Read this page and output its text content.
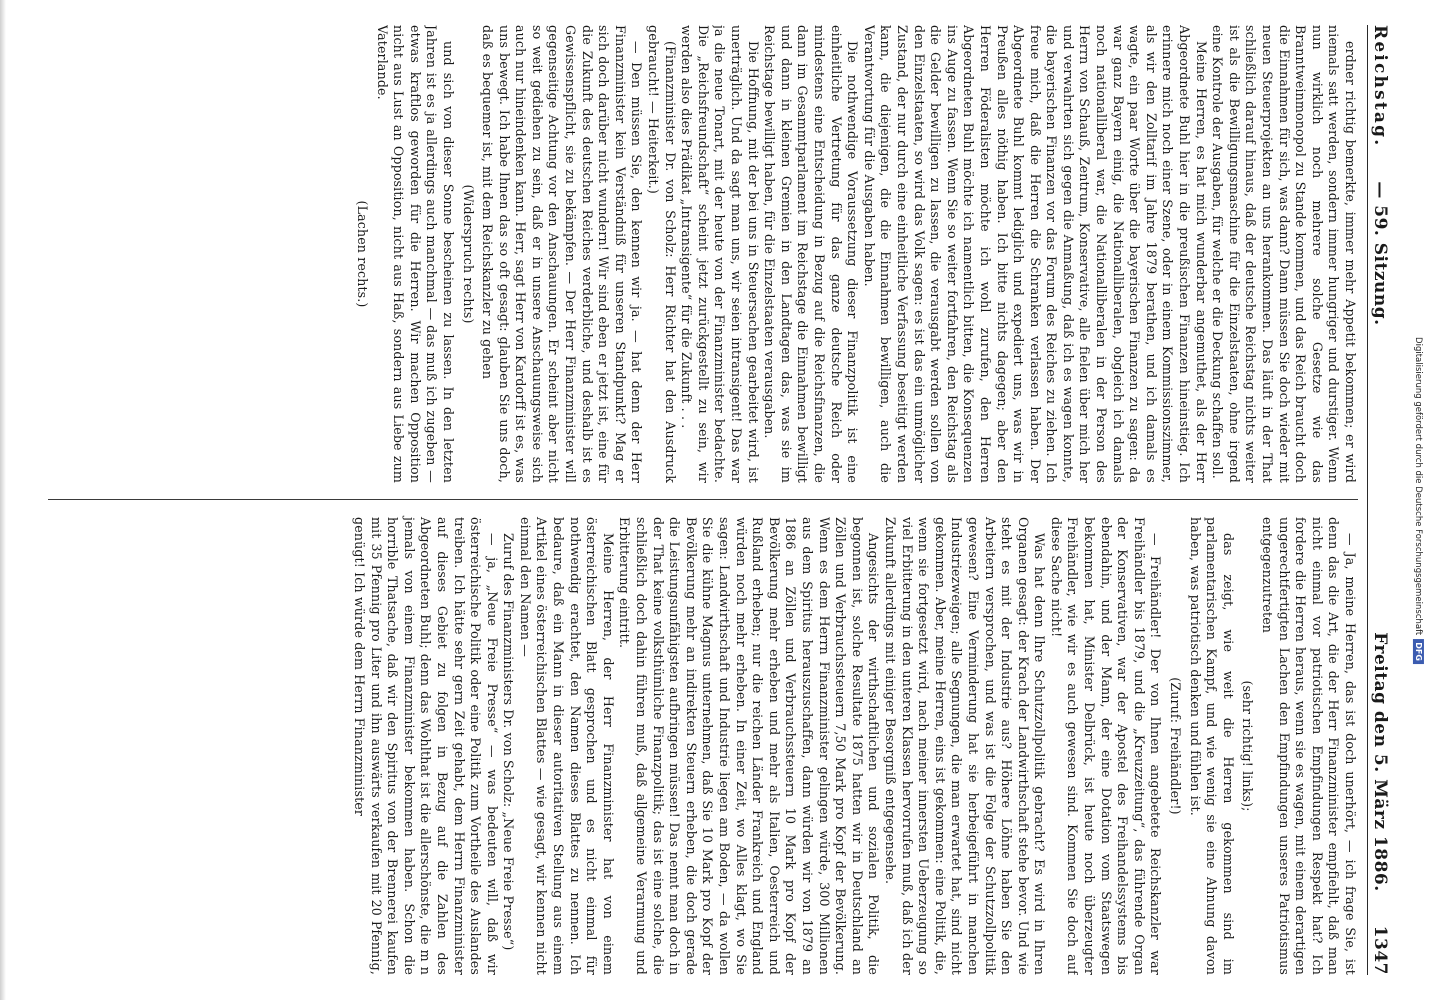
Reichstag.
— 59. Sitzung.
Freitag den 5. März 1886.
1347

erdner richtig bemerkte, immer mehr Appetit bekommen; er wird niemals satt werden, sondern immer hungriger und durstiger. Wenn nun wirklich noch mehrere solche Gesetze wie das Branntweinmonopol zu Stande kommen, und das Reich braucht doch die Einnahmen für sich, was dann? Dann müssen Sie doch wieder mit neuen Steuerprojekten an uns herankommen. Das läuft in der That schließlich darauf hinaus, daß der deutsche Reichstag nichts weiter ist als die Bewilligungsmaschine für die Einzelstaaten, ohne irgend eine Kontrole der Ausgaben, für welche er die Deckung schaffen soll.

Meine Herren, es hat mich wunderbar angemuthet, als der Herr Abgeordnete Buhl hier in die preußischen Finanzen hineinstieg. Ich erinnere mich noch einer Szene, oder in einem Kommissionszimmer, als wir den Zolltarif im Jahre 1879 berathen, und ich damals es wagte, ein paar Worte über die bayerischen Finanzen zu sagen: da war ganz Bayern einig, die Nationalliberalen, obgleich ich damals noch nationalliberal war, die Nationalliberalen in der Person des Herrn von Schauß, Zentrum, Konservative, alle fielen über mich her und verwahrten sich gegen die Anmaßung, daß ich es wagen konnte, die bayerischen Finanzen vor das Forum des Reiches zu ziehen. Ich freue mich, daß die Herren die Schranken verlassen haben. Der Abgeordnete Buhl kommt lediglich und expediert uns, was wir in Preußen alles nöthig haben. Ich bitte nichts dagegen; aber den Herren Föderalisten möchte ich wohl zurufen, den Herren Abgeordneten Buhl möchte ich namentlich bitten, die Konsequenzen ins Auge zu fassen. Wenn Sie so weiter fortfahren, den Reichstag als die Gelder bewilligen zu lassen, die verausgabt werden sollen von den Einzelstaaten, so wird das Volk sagen: es ist das ein unmöglicher Zustand, der nur durch eine einheitliche Verfassung beseitigt werden kann, die diejenigen, die die Einnahmen bewilligen, auch die Verantwortung für die Ausgaben haben.

Die nothwendige Voraussetzung dieser Finanzpolitik ist eine einheitliche Vertretung für das ganze deutsche Reich oder mindestens eine Entscheidung in Bezug auf die Reichsfinanzen, die dann im Gesammtparlament im Reichstage die Einnahmen bewilligt und dann in kleinen Gremien in den Landtagen das, was sie im Reichstage bewilligt haben, für die Einzelstaaten verausgaben.

Die Hoffnung, mit der bei uns in Steuersachen gearbeitet wird, ist unerträglich. Und da sagt man uns, wir seien intransigent! Das war ja die neue Tonart, mit der heute von der Finanzminister bedachte. Die „Reichsfreundschaft“ scheint jetzt zurückgestellt zu sein, wir werden also dies Prädikat „Intransigente“ für die Zukunft . . .

(Finanzminister Dr. von Scholz: Herr Richter hat den Ausdruck gebraucht! — Heiterkeit.)

— Den müssen Sie, den kennen wir ja. — hat denn der Herr Finanzminister kein Verständniß für unseren Standpunkt? Mag er sich doch darüber nicht wundern! Wir sind eben er jetzt ist, eine für die Zukunft des deutschen Reiches verderbliche, und deshalb ist es Gewissenspflicht, sie zu bekämpfen. — Der Herr Finanzminister will gegenseitige Achtung vor den Anschauungen. Er scheint aber nicht so weit gediehen zu sein, daß er in unsere Anschauungsweise sich auch nur hineindenken kann. Herr, sagt Herr von Kardorff ist es, was uns bewegt. Ich habe Ihnen das so oft gesagt: glauben Sie uns doch, daß es bequemer ist, mit dem Reichskanzler zu gehen

(Widerspruch rechts)

und sich von dieser Sonne bescheinen zu lassen. In den letzten Jahren ist es ja allerdings auch manchmal — das muß ich zugeben — etwas kraftlos geworden für die Herren. Wir machen Opposition nicht aus Lust an Opposition, nicht aus Haß, sondern aus Liebe zum Vaterlande.

(Lachen rechts.)

— Ja, meine Herren, das ist doch unerhört, — ich frage Sie, ist denn das die Art, die der Herr Finanzminister empfiehlt, daß man nicht einmal vor patriotischen Empfindungen Respekt hat? Ich fordere die Herren heraus, wenn sie es wagen, mit einem derartigen ungerechtfertigten Lachen den Empfindungen unseres Patriotismus entgegenzutreten

(sehr richtig! links);

das zeigt, wie weit die Herren gekommen sind im parlamentarischen Kampf, und wie wenig sie eine Ahnung davon haben, was patriotisch denken und fühlen ist.

(Zuruf: Freihändler!)

— Freihändler! Der von Ihnen angebetete Reichskanzler war Freihändler bis 1879, und die „Kreuzzeitung“, das führende Organ der Konservativen, war der Apostel des Freihandelssystems bis ebendahin, und der Mann, der eine Dotation vom Staatswegen bekommen hat, Minister Delbrück, ist heute noch überzeugter Freihändler, wie wir es auch gewesen sind. Kommen Sie doch auf diese Sache nicht!

Was hat denn Ihre Schutzzollpolitik gebracht? Es wird in Ihren Organen gesagt: der Krach der Landwirthschaft stehe bevor. Und wie steht es mit der Industrie aus? Höhere Löhne haben Sie den Arbeitern versprochen, und was ist die Folge der Schutzzollpolitik gewesen? Eine Verminderung hat sie herbeigeführt in manchen Industriezweigen; alle Segnungen, die man erwartet hat, sind nicht gekommen. Aber, meine Herren, eins ist gekommen: eine Politik, die, wenn sie fortgesetzt wird, nach meiner innersten Ueberzeugung so viel Erbitterung in den unteren Klassen hervorrufen muß, daß ich der Zukunft allerdings mit einiger Besorgniß entgegensehe.

Angesichts der wirthschaftlichen und sozialen Politik, die begonnen ist, solche Resultate 1875 hatten wir in Deutschland an Zöllen und Verbrauchssteuern 7,50 Mark pro Kopf der Bevölkerung. Wenn es dem Herrn Finanzminister gelingen würde, 300 Millionen aus dem Spiritus herauszuschaffen, dann würden wir von 1879 an 1886 an Zöllen und Verbrauchssteuern 10 Mark pro Kopf der Bevölkerung mehr erheben und mehr als Italien, Oesterreich und Rußland erheben; nur die reichen Länder Frankreich und England würden noch mehr erheben. In einer Zeit, wo Alles klagt, wo Sie sagen: Landwirthschaft und Industrie liegen am Boden, — da wollen Sie die kühne Magnus unternehmen, daß Sie 10 Mark pro Kopf der Bevölkerung mehr an indirekten Steuern erheben, die doch gerade die Leistungsunfähigsten aufbringen müssen! Das nennt man doch in der That keine volksthümliche Finanzpolitik; das ist eine solche, die schließlich doch dahin führen muß, daß allgemeine Verarmung und Erbitterung eintritt.

Meine Herren, der Herr Finanzminister hat von einem österreichischen Blatt gesprochen und es nicht einmal für nothwendig erachtet, den Namen dieses Blattes zu nennen. Ich bedaure, daß ein Mann in dieser autoritativen Stellung aus einem Artikel eines österreichischen Blattes — wie gesagt, wir kennen nicht einmal den Namen —

Zuruf des Finanzministers Dr. von Scholz: „Neue Freie Presse“)

— ja, „Neue Freie Presse“ — was bedeuten will, daß wir österreichische Politik oder eine Politik zum Vortheile des Auslandes treiben. Ich hätte sehr gern Zeit gehabt, dem Herrn Finanzminister auf dieses Gebiet zu folgen in Bezug auf die Zahlen des Abgeordneten Buhl; denn das Wohlthat ist die allerschönste, die m n jemals von einem Finanzminister bekommen haben. Schon die horrible Thatsache, daß wir den Spiritus von der Brennerei kaufen mit 35 Pfennig pro Liter und ihn auswärts verkaufen mit 20 Pfennig, genügt! Ich würde dem Herrn Finanzminister

Digitalisierung gefördert durch die Deutsche Forschungsgemeinschaft
DFG
